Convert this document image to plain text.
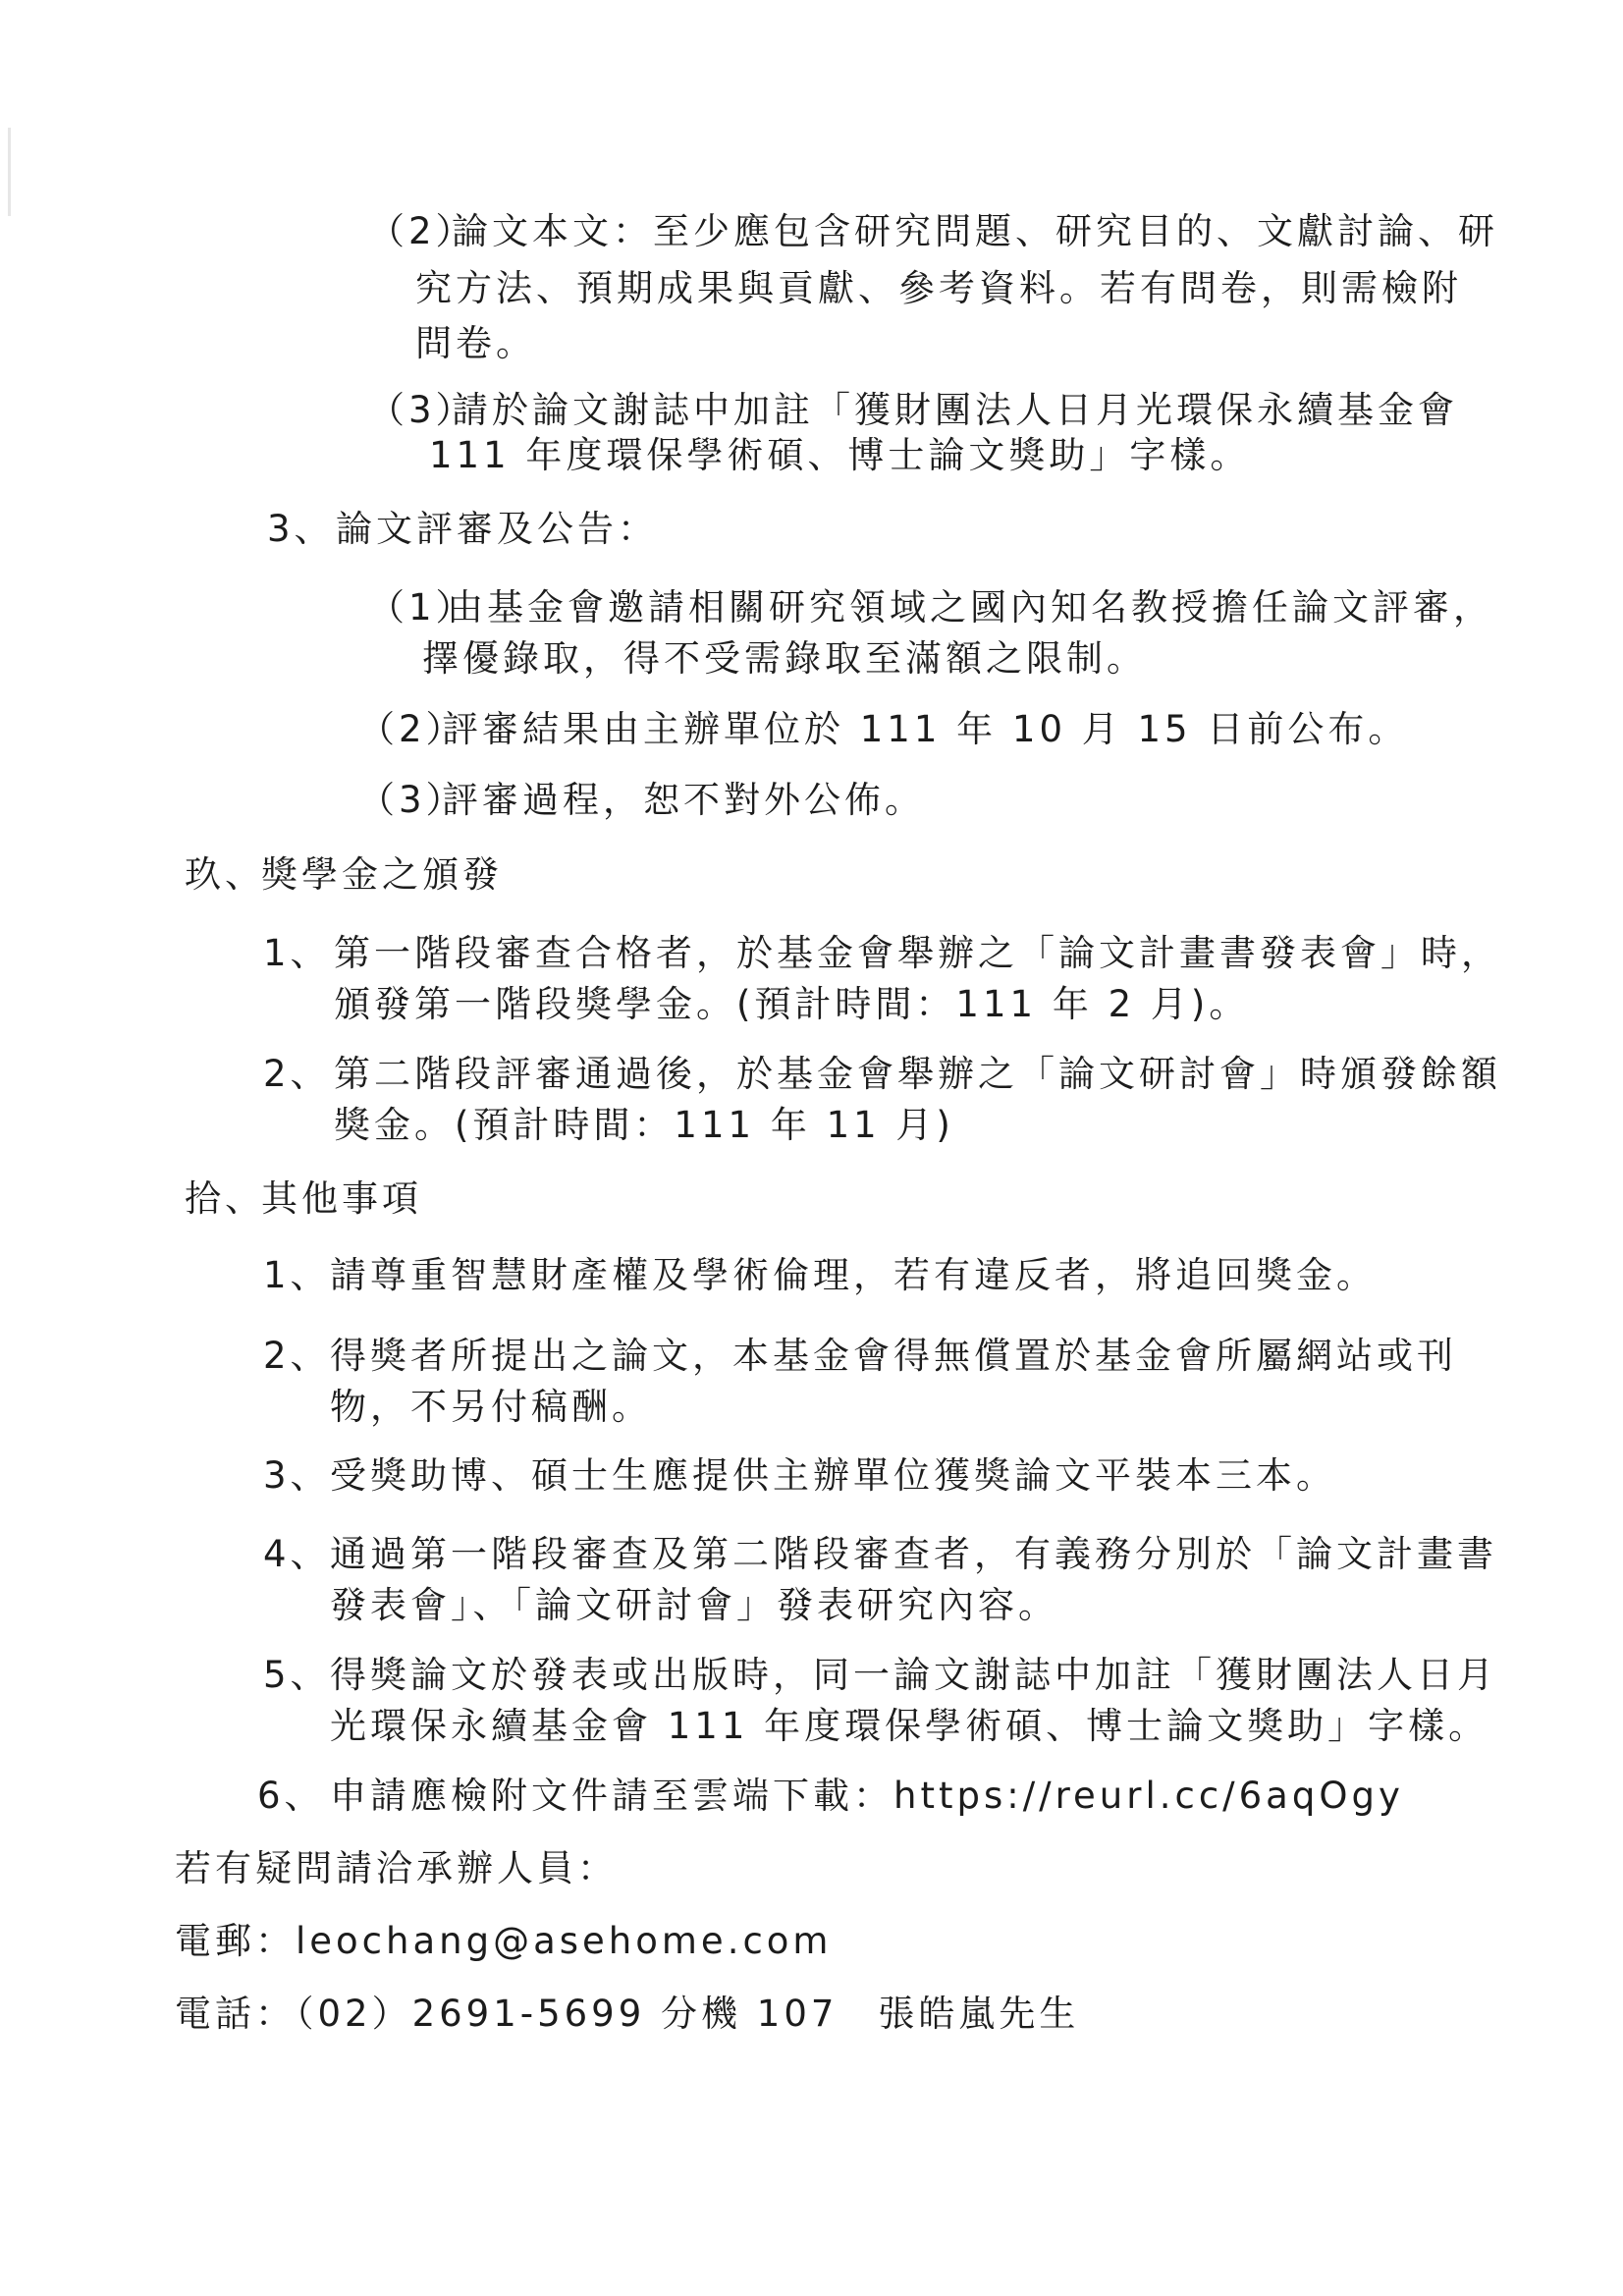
（2）
論文本文：至少應包含研究問題、研究目的、文獻討論、研
究方法、預期成果與貢獻、參考資料。若有問卷，則需檢附
問卷。
（3）
請於論文謝誌中加註「獲財團法人日月光環保永續基金會
111 年度環保學術碩、博士論文獎助」字樣。
3、 論文評審及公告：
（1）
由基金會邀請相關研究領域之國內知名教授擔任論文評審，
擇優錄取，得不受需錄取至滿額之限制。
（2）
評審結果由主辦單位於 111 年 10 月 15 日前公布。
（3）
評審過程，恕不對外公佈。
玖、
獎學金之頒發
1、 第一階段審查合格者，於基金會舉辦之「論文計畫書發表會」時，
頒發第一階段獎學金。(預計時間：111 年 2 月)。
2、 第二階段評審通過後，於基金會舉辦之「論文研討會」時頒發餘額
獎金。(預計時間：111 年 11 月)
拾、
其他事項
1、 請尊重智慧財產權及學術倫理，若有違反者，將追回獎金。
2、 得獎者所提出之論文，本基金會得無償置於基金會所屬網站或刊
物，不另付稿酬。
3、 受獎助博、碩士生應提供主辦單位獲獎論文平裝本三本。
4、 通過第一階段審查及第二階段審查者，有義務分別於「論文計畫書
發表會」、「論文研討會」發表研究內容。
5、 得獎論文於發表或出版時，同一論文謝誌中加註「獲財團法人日月
光環保永續基金會 111 年度環保學術碩、博士論文獎助」字樣。
6、 申請應檢附文件請至雲端下載：https://reurl.cc/6aqOgy
若有疑問請洽承辦人員：
電郵：leochang@asehome.com
電話：（02）2691-5699 分機 107　張皓嵐先生
